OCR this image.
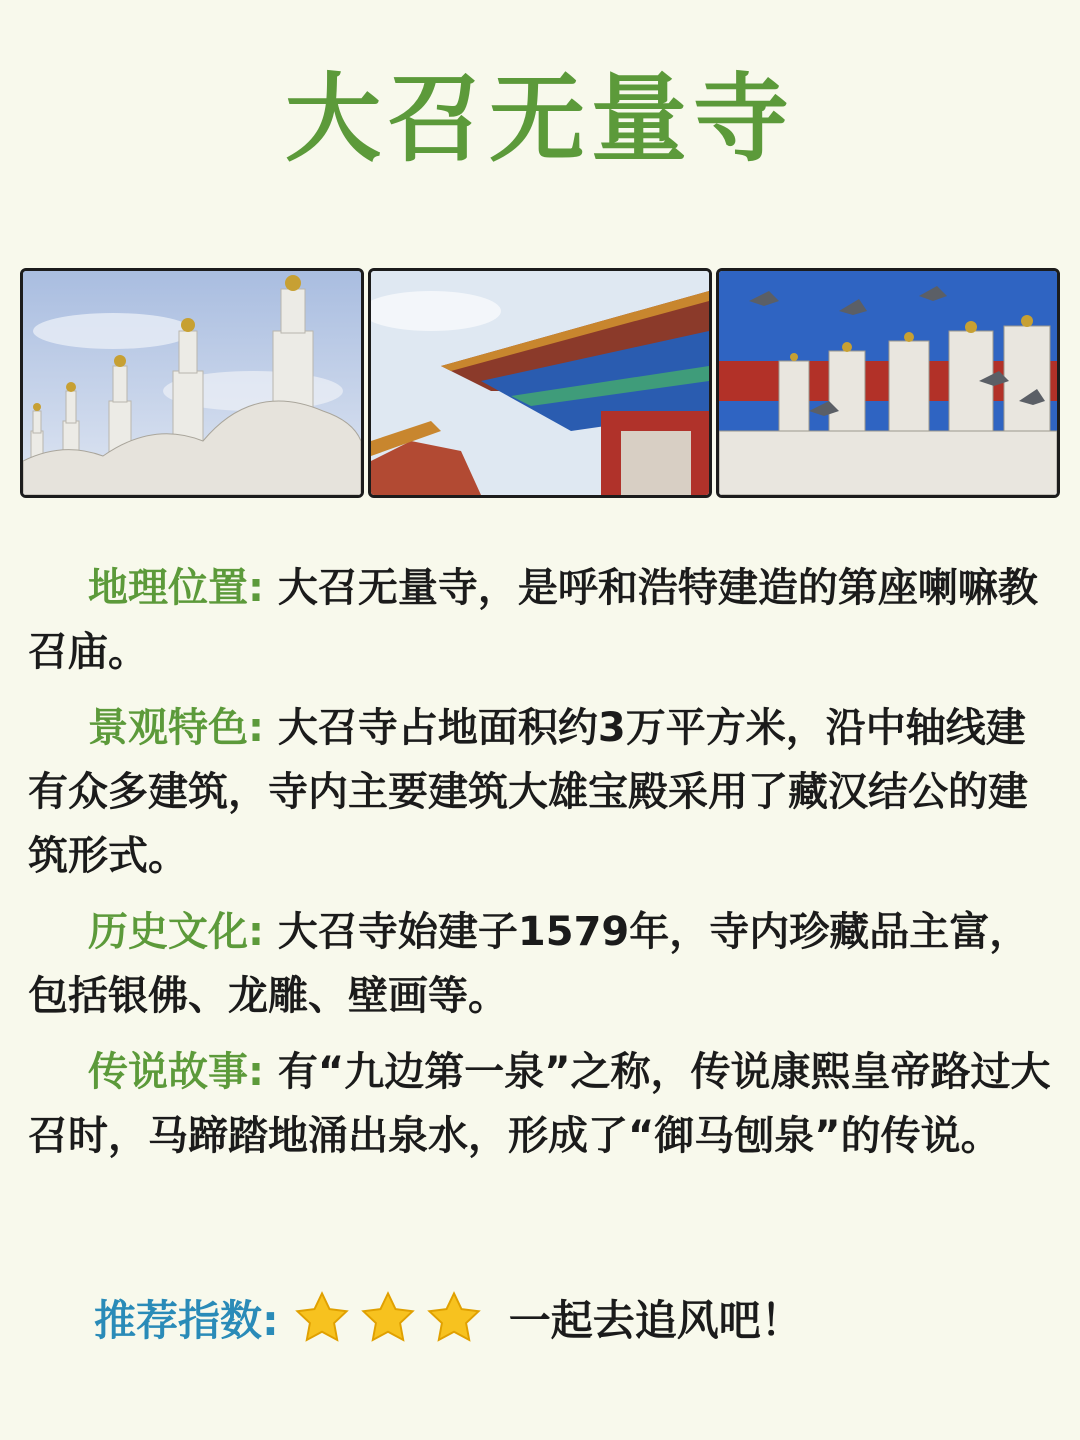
大召无量寺

地理位置: 大召无量寺，是呼和浩特建造的第座喇嘛教召庙。

景观特色: 大召寺占地面积约3万平方米，沿中轴线建有众多建筑，寺内主要建筑大雄宝殿采用了藏汉结公的建筑形式。

历史文化: 大召寺始建子1579年，寺内珍藏品主富，包括银佛、龙雕、壁画等。

传说故事: 有“九边第一泉”之称，传说康熙皇帝路过大召时，马蹄踏地涌出泉水，形成了“御马刨泉”的传说。

推荐指数:	一起去追风吧！
